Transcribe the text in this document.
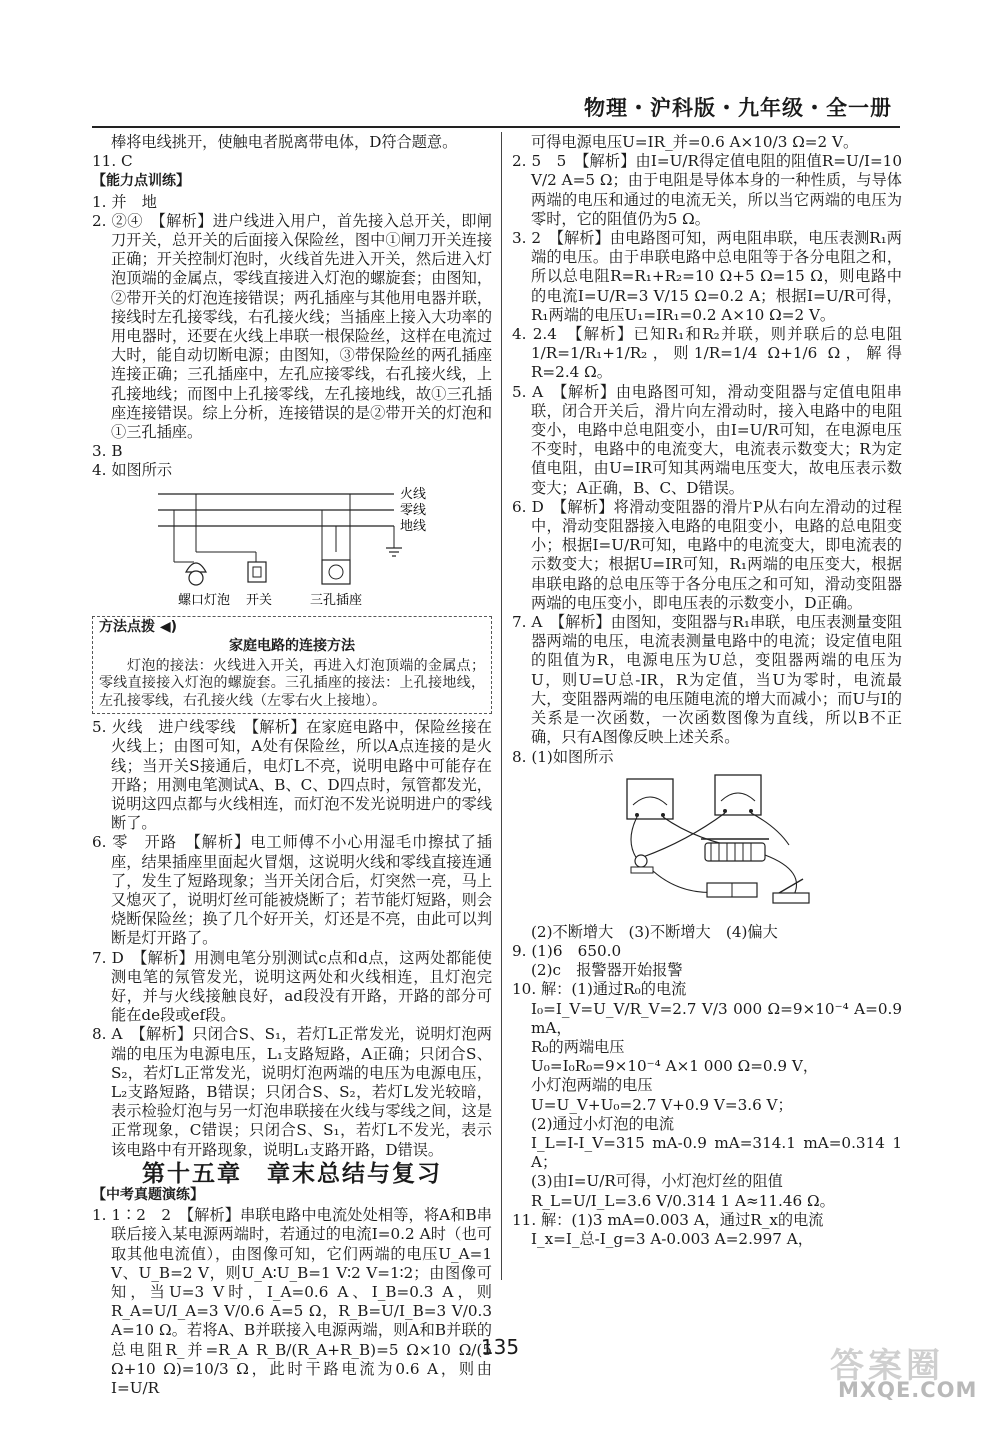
物理・沪科版・九年级・全一册

棒将电线挑开，使触电者脱离带电体，D符合题意。

11. C

【能力点训练】

1. 并　地

2. ②④　【解析】进户线进入用户，首先接入总开关，即闸刀开关，总开关的后面接入保险丝，图中①闸刀开关连接正确；开关控制灯泡时，火线首先进入开关，然后进入灯泡顶端的金属点，零线直接进入灯泡的螺旋套；由图知，②带开关的灯泡连接错误；两孔插座与其他用电器并联，接线时左孔接零线，右孔接火线；当插座上接入大功率的用电器时，还要在火线上串联一根保险丝，这样在电流过大时，能自动切断电源；由图知，③带保险丝的两孔插座连接正确；三孔插座中，左孔应接零线，右孔接火线，上孔接地线；而图中上孔接零线，左孔接地线，故①三孔插座连接错误。综上分析，连接错误的是②带开关的灯泡和①三孔插座。

3. B

4. 如图所示

火线
零线
地线
螺口灯泡 开关	三孔插座
方法点拨 ◀)
家庭电路的连接方法

灯泡的接法：火线进入开关，再进入灯泡顶端的金属点；零线直接接入灯泡的螺旋套。三孔插座的接法：上孔接地线，左孔接零线，右孔接火线（左零右火上接地）。

5. 火线　进户线零线　【解析】在家庭电路中，保险丝接在火线上；由图可知，A处有保险丝，所以A点连接的是火线；当开关S接通后，电灯L不亮，说明电路中可能存在开路；用测电笔测试A、B、C、D四点时，氖管都发光，说明这四点都与火线相连，而灯泡不发光说明进户的零线断了。

6. 零　开路　【解析】电工师傅不小心用湿毛巾擦拭了插座，结果插座里面起火冒烟，这说明火线和零线直接连通了，发生了短路现象；当开关闭合后，灯突然一亮，马上又熄灭了，说明灯丝可能被烧断了；若节能灯短路，则会烧断保险丝；换了几个好开关，灯还是不亮，由此可以判断是灯开路了。

7. D　【解析】用测电笔分别测试c点和d点，这两处都能使测电笔的氖管发光，说明这两处和火线相连，且灯泡完好，并与火线接触良好，ad段没有开路，开路的部分可能在de段或ef段。

8. A　【解析】只闭合S、S₁，若灯L正常发光，说明灯泡两端的电压为电源电压，L₁支路短路，A正确；只闭合S、S₂，若灯L正常发光，说明灯泡两端的电压为电源电压，L₂支路短路，B错误；只闭合S、S₂，若灯L发光较暗，表示检验灯泡与另一灯泡串联接在火线与零线之间，这是正常现象，C错误；只闭合S、S₁，若灯L不发光，表示该电路中有开路现象，说明L₁支路开路，D错误。

第十五章　章末总结与复习

【中考真题演练】

1. 1∶2　2　【解析】串联电路中电流处处相等，将A和B串联后接入某电源两端时，若通过的电流I=0.2 A时（也可取其他电流值），由图像可知，它们两端的电压U_A=1 V、U_B=2 V，则U_A∶U_B=1 V∶2 V=1∶2；由图像可知，当U=3 V时，I_A=0.6 A、I_B=0.3 A，则R_A=U/I_A=3 V/0.6 A=5 Ω，R_B=U/I_B=3 V/0.3 A=10 Ω。若将A、B并联接入电源两端，则A和B并联的总电阻R_并=R_A R_B/(R_A+R_B)=5 Ω×10 Ω/(5 Ω+10 Ω)=10/3 Ω，此时干路电流为0.6 A，则由I=U/R

可得电源电压U=IR_并=0.6 A×10/3 Ω=2 V。

2. 5　5　【解析】由I=U/R得定值电阻的阻值R=U/I=10 V/2 A=5 Ω；由于电阻是导体本身的一种性质，与导体两端的电压和通过的电流无关，所以当它两端的电压为零时，它的阻值仍为5 Ω。

3. 2　【解析】由电路图可知，两电阻串联，电压表测R₁两端的电压。由于串联电路中总电阻等于各分电阻之和，所以总电阻R=R₁+R₂=10 Ω+5 Ω=15 Ω，则电路中的电流I=U/R=3 V/15 Ω=0.2 A；根据I=U/R可得，R₁两端的电压U₁=IR₁=0.2 A×10 Ω=2 V。

4. 2.4　【解析】已知R₁和R₂并联，则并联后的总电阻1/R=1/R₁+1/R₂，则1/R=1/4 Ω+1/6 Ω，解得R=2.4 Ω。

5. A　【解析】由电路图可知，滑动变阻器与定值电阻串联，闭合开关后，滑片向左滑动时，接入电路中的电阻变小，电路中总电阻变小，由I=U/R可知，在电源电压不变时，电路中的电流变大，电流表示数变大；R为定值电阻，由U=IR可知其两端电压变大，故电压表示数变大；A正确，B、C、D错误。

6. D　【解析】将滑动变阻器的滑片P从右向左滑动的过程中，滑动变阻器接入电路的电阻变小，电路的总电阻变小；根据I=U/R可知，电路中的电流变大，即电流表的示数变大；根据U=IR可知，R₁两端的电压变大，根据串联电路的总电压等于各分电压之和可知，滑动变阻器两端的电压变小，即电压表的示数变小，D正确。

7. A　【解析】由图知，变阻器与R₁串联，电压表测量变阻器两端的电压，电流表测量电路中的电流；设定值电阻的阻值为R，电源电压为U总，变阻器两端的电压为U，则U=U总-IR，R为定值，当U为零时，电流最大，变阻器两端的电压随电流的增大而减小；而U与I的关系是一次函数，一次函数图像为直线，所以B不正确，只有A图像反映上述关系。

8. (1)如图所示

(2)不断增大　(3)不断增大　(4)偏大

9. (1)6　650.0

(2)c　报警器开始报警

10. 解：(1)通过R₀的电流

I₀=I_V=U_V/R_V=2.7 V/3 000 Ω=9×10⁻⁴ A=0.9 mA，

R₀的两端电压

U₀=I₀R₀=9×10⁻⁴ A×1 000 Ω=0.9 V，

小灯泡两端的电压

U=U_V+U₀=2.7 V+0.9 V=3.6 V；

(2)通过小灯泡的电流

I_L=I-I_V=315 mA-0.9 mA=314.1 mA=0.314 1 A；

(3)由I=U/R可得，小灯泡灯丝的阻值

R_L=U/I_L=3.6 V/0.314 1 A≈11.46 Ω。

11. 解：(1)3 mA=0.003 A，通过R_x的电流

I_x=I_总-I_g=3 A-0.003 A=2.997 A，

135	答案圈
MXQE.COM
